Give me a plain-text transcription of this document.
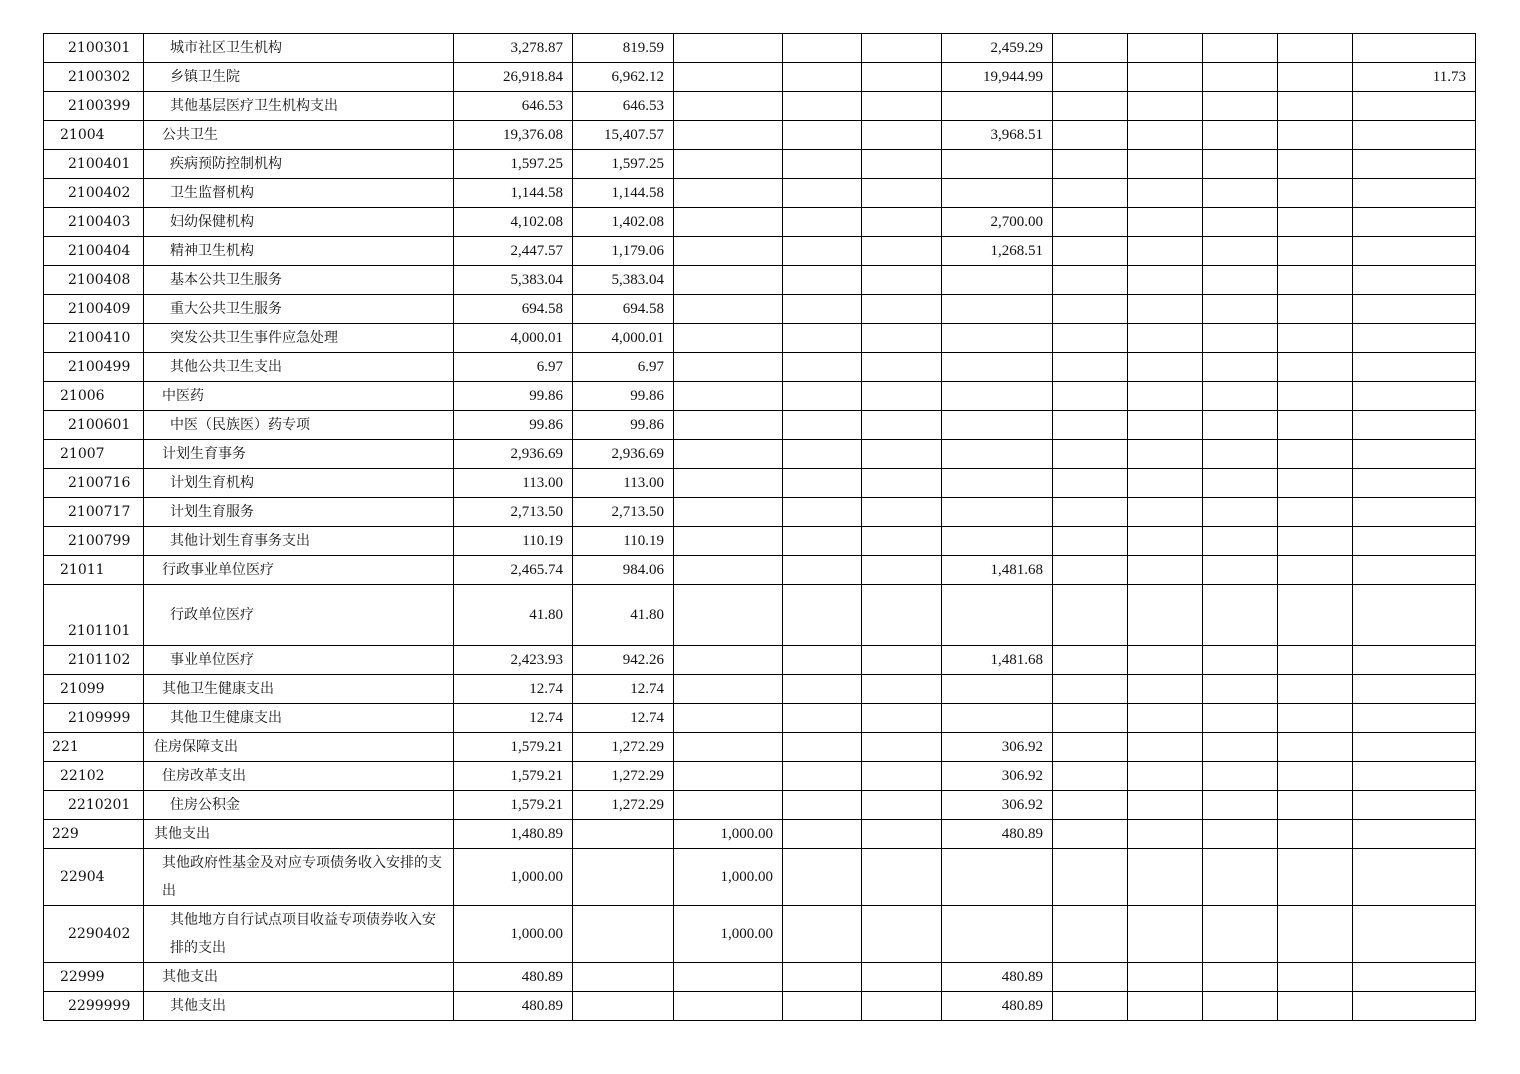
2100301	城市社区卫生机构	3,278.87	819.59				2,459.29					
2100302	乡镇卫生院	26,918.84	6,962.12				19,944.99					11.73
2100399	其他基层医疗卫生机构支出	646.53	646.53									
21004	公共卫生	19,376.08	15,407.57				3,968.51					
2100401	疾病预防控制机构	1,597.25	1,597.25									
2100402	卫生监督机构	1,144.58	1,144.58									
2100403	妇幼保健机构	4,102.08	1,402.08				2,700.00					
2100404	精神卫生机构	2,447.57	1,179.06				1,268.51					
2100408	基本公共卫生服务	5,383.04	5,383.04									
2100409	重大公共卫生服务	694.58	694.58									
2100410	突发公共卫生事件应急处理	4,000.01	4,000.01									
2100499	其他公共卫生支出	6.97	6.97									
21006	中医药	99.86	99.86									
2100601	中医（民族医）药专项	99.86	99.86									
21007	计划生育事务	2,936.69	2,936.69									
2100716	计划生育机构	113.00	113.00									
2100717	计划生育服务	2,713.50	2,713.50									
2100799	其他计划生育事务支出	110.19	110.19									
21011	行政事业单位医疗	2,465.74	984.06				1,481.68					
2101101	行政单位医疗	41.80	41.80									
2101102	事业单位医疗	2,423.93	942.26				1,481.68					
21099	其他卫生健康支出	12.74	12.74									
2109999	其他卫生健康支出	12.74	12.74									
221	住房保障支出	1,579.21	1,272.29				306.92					
22102	住房改革支出	1,579.21	1,272.29				306.92					
2210201	住房公积金	1,579.21	1,272.29				306.92					
229	其他支出	1,480.89		1,000.00			480.89					
22904	其他政府性基金及对应专项债务收入安排的支出	1,000.00		1,000.00								
2290402	其他地方自行试点项目收益专项债券收入安排的支出	1,000.00		1,000.00								
22999	其他支出	480.89					480.89					
2299999	其他支出	480.89					480.89					
